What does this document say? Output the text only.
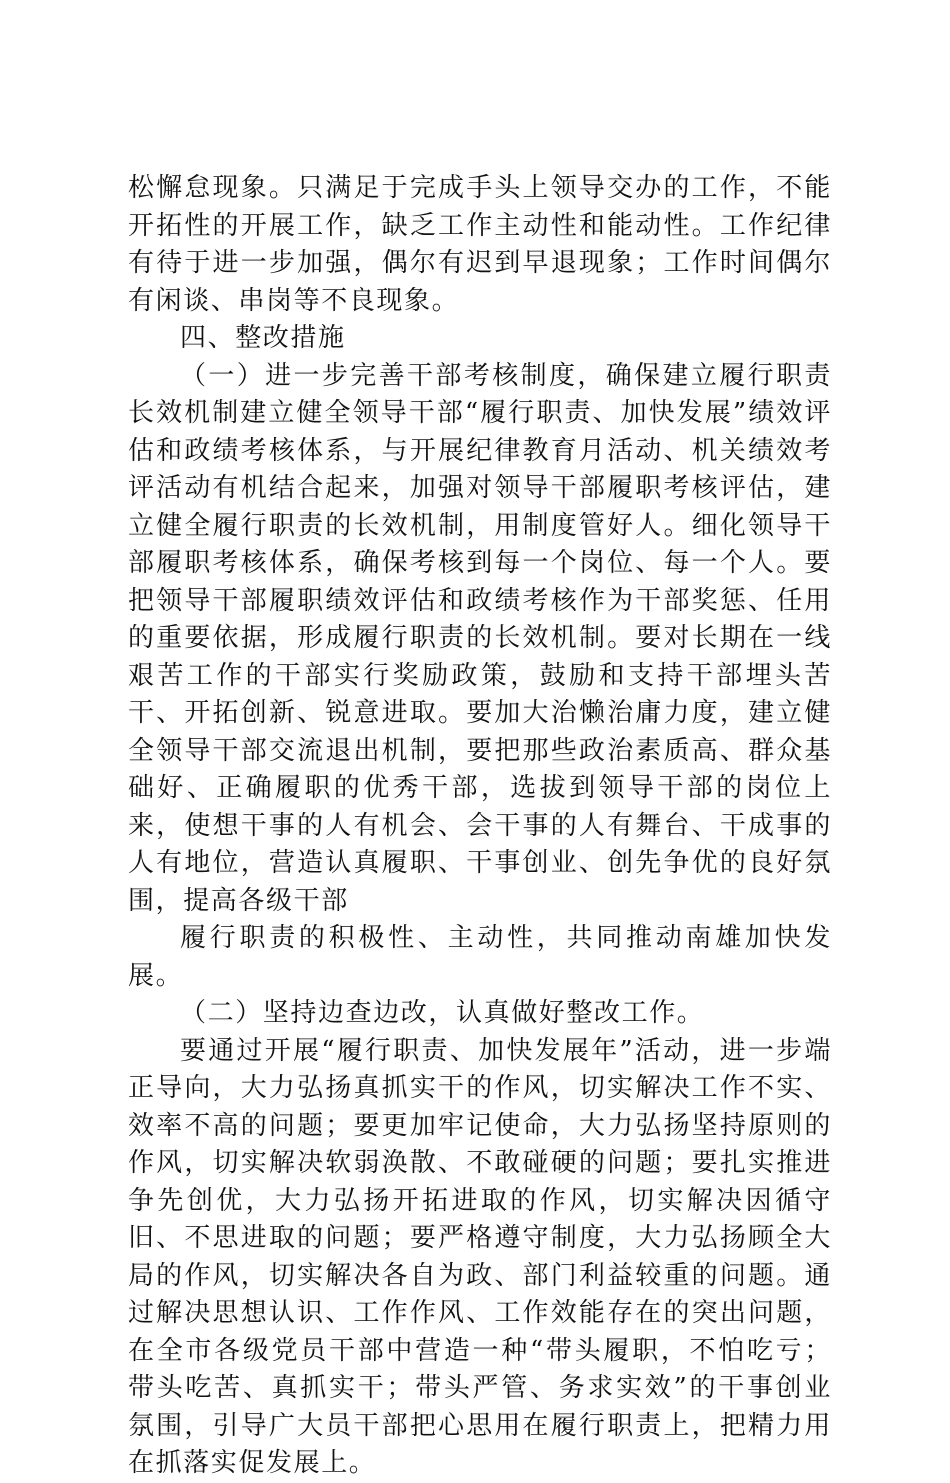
松懈怠现象。只满足于完成手头上领导交办的工作，不能开拓性的开展工作，缺乏工作主动性和能动性。工作纪律有待于进一步加强，偶尔有迟到早退现象；工作时间偶尔有闲谈、串岗等不良现象。

四、整改措施

（一）进一步完善干部考核制度，确保建立履行职责长效机制建立健全领导干部“履行职责、加快发展”绩效评估和政绩考核体系，与开展纪律教育月活动、机关绩效考评活动有机结合起来，加强对领导干部履职考核评估，建立健全履行职责的长效机制，用制度管好人。细化领导干部履职考核体系，确保考核到每一个岗位、每一个人。要把领导干部履职绩效评估和政绩考核作为干部奖惩、任用的重要依据，形成履行职责的长效机制。要对长期在一线艰苦工作的干部实行奖励政策，鼓励和支持干部埋头苦干、开拓创新、锐意进取。要加大治懒治庸力度，建立健全领导干部交流退出机制，要把那些政治素质高、群众基础好、正确履职的优秀干部，选拔到领导干部的岗位上来，使想干事的人有机会、会干事的人有舞台、干成事的人有地位，营造认真履职、干事创业、创先争优的良好氛围，提高各级干部

履行职责的积极性、主动性，共同推动南雄加快发展。

（二）坚持边查边改，认真做好整改工作。

要通过开展“履行职责、加快发展年”活动，进一步端正导向，大力弘扬真抓实干的作风，切实解决工作不实、效率不高的问题；要更加牢记使命，大力弘扬坚持原则的作风，切实解决软弱涣散、不敢碰硬的问题；要扎实推进争先创优，大力弘扬开拓进取的作风，切实解决因循守旧、不思进取的问题；要严格遵守制度，大力弘扬顾全大局的作风，切实解决各自为政、部门利益较重的问题。通过解决思想认识、工作作风、工作效能存在的突出问题，在全市各级党员干部中营造一种“带头履职，不怕吃亏；带头吃苦、真抓实干；带头严管、务求实效”的干事创业氛围，引导广大员干部把心思用在履行职责上，把精力用在抓落实促发展上。
